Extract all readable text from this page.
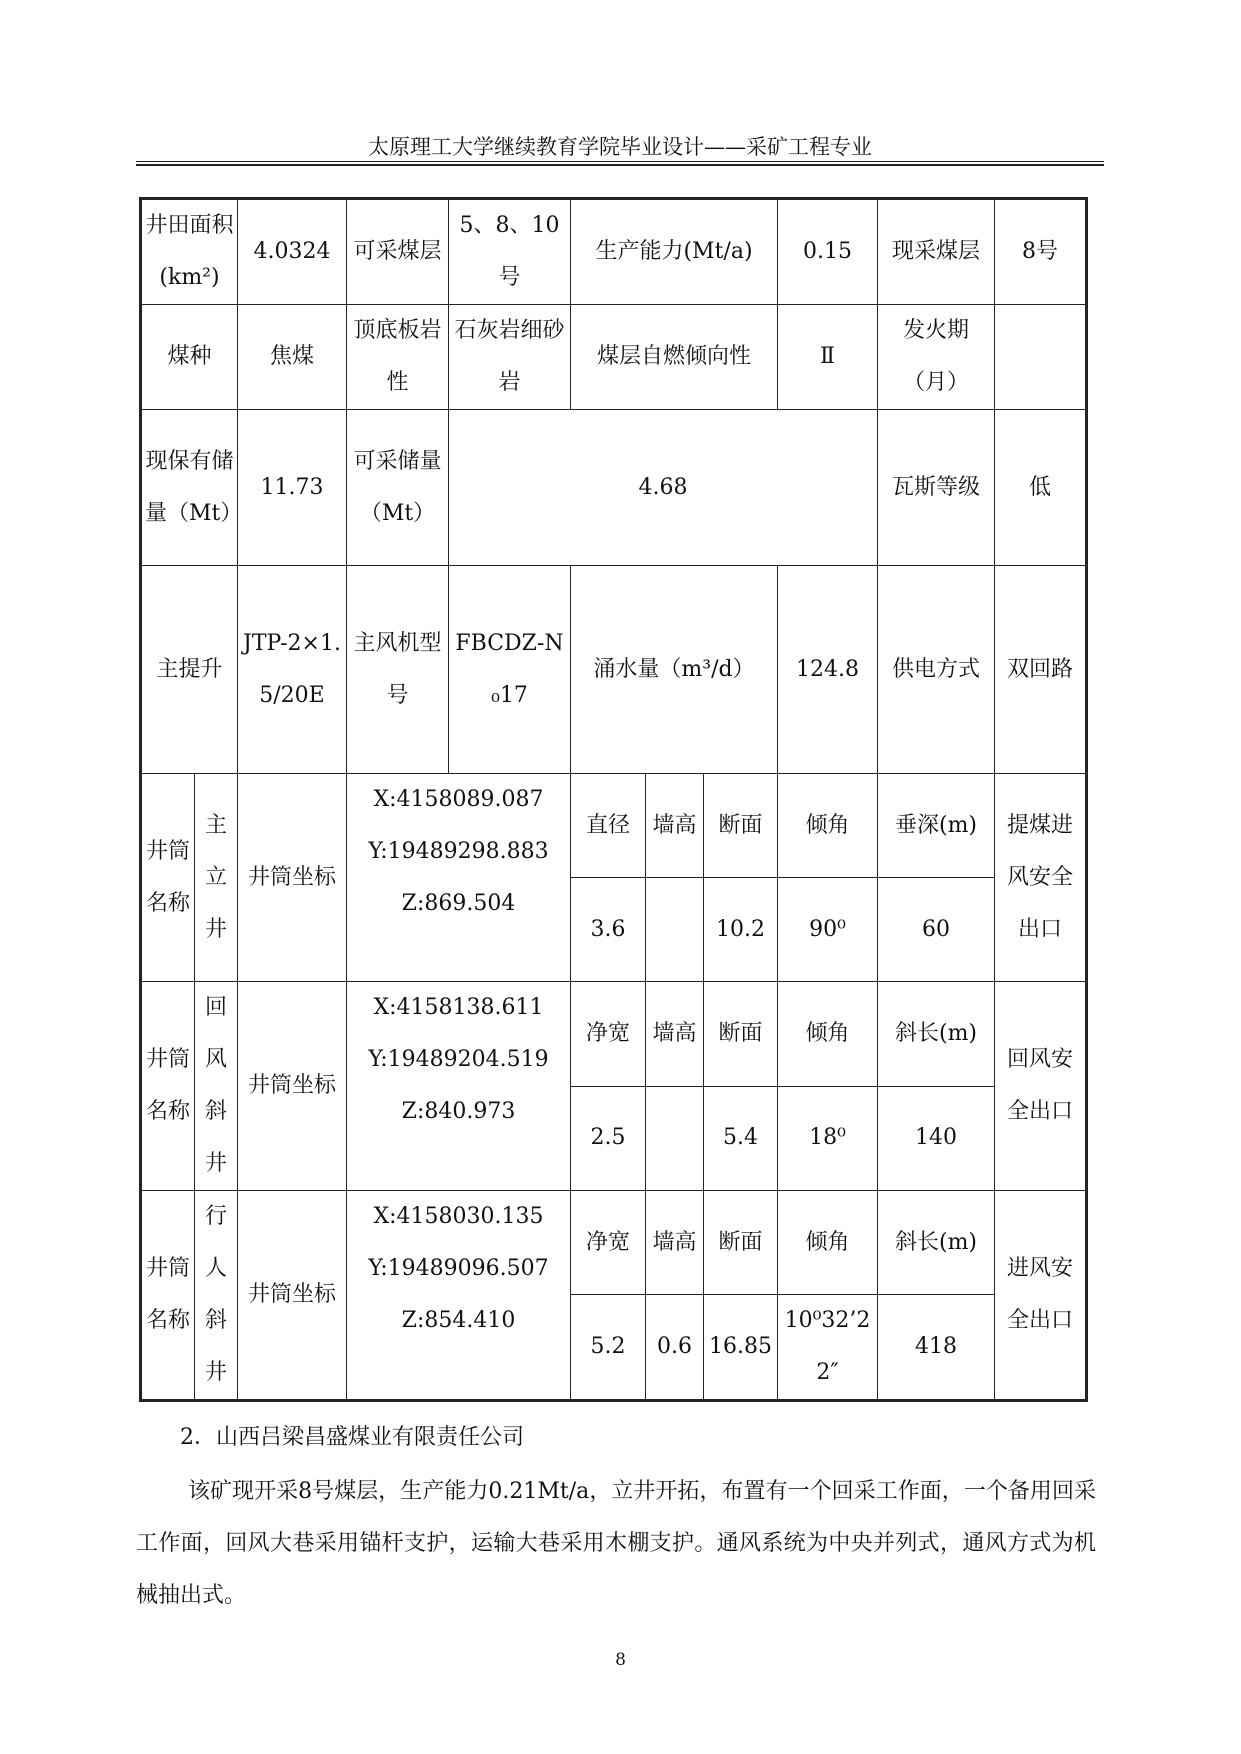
太原理工大学继续教育学院毕业设计——采矿工程专业
井田面积(km²)		4.0324	可采煤层	5、8、10号	生产能力(Mt/a)			0.15	现采煤层	8号
煤种		焦煤	顶底板岩性	石灰岩细砂岩	煤层自燃倾向性			Ⅱ	发火期（月）	
现保有储量（Mt）		11.73	可采储量（Mt）	4.68					瓦斯等级	低
主提升		JTP-2×1.5/20E	主风机型号	FBCDZ-N₀17	涌水量（m³/d）			124.8	供电方式	双回路
井筒名称	主立井	井筒坐标	X:4158089.087
Y:19489298.883
Z:869.504		直径	墙高	断面	倾角	垂深(m)	提煤进风安全出口
					3.6		10.2	90⁰	60	
井筒名称	回风斜井	井筒坐标	X:4158138.611
Y:19489204.519
Z:840.973		净宽	墙高	断面	倾角	斜长(m)	回风安全出口
					2.5		5.4	18⁰	140	
井筒名称	行人斜井	井筒坐标	X:4158030.135
Y:19489096.507
Z:854.410		净宽	墙高	断面	倾角	斜长(m)	进风安全出口
					5.2	0.6	16.85	10⁰32’22″	418	
2．山西吕梁昌盛煤业有限责任公司
该矿现开采8号煤层，生产能力0.21Mt/a，立井开拓，布置有一个回采工作面，一个备用回采工作面，回风大巷采用锚杆支护，运输大巷采用木棚支护。通风系统为中央并列式，通风方式为机械抽出式。
8
